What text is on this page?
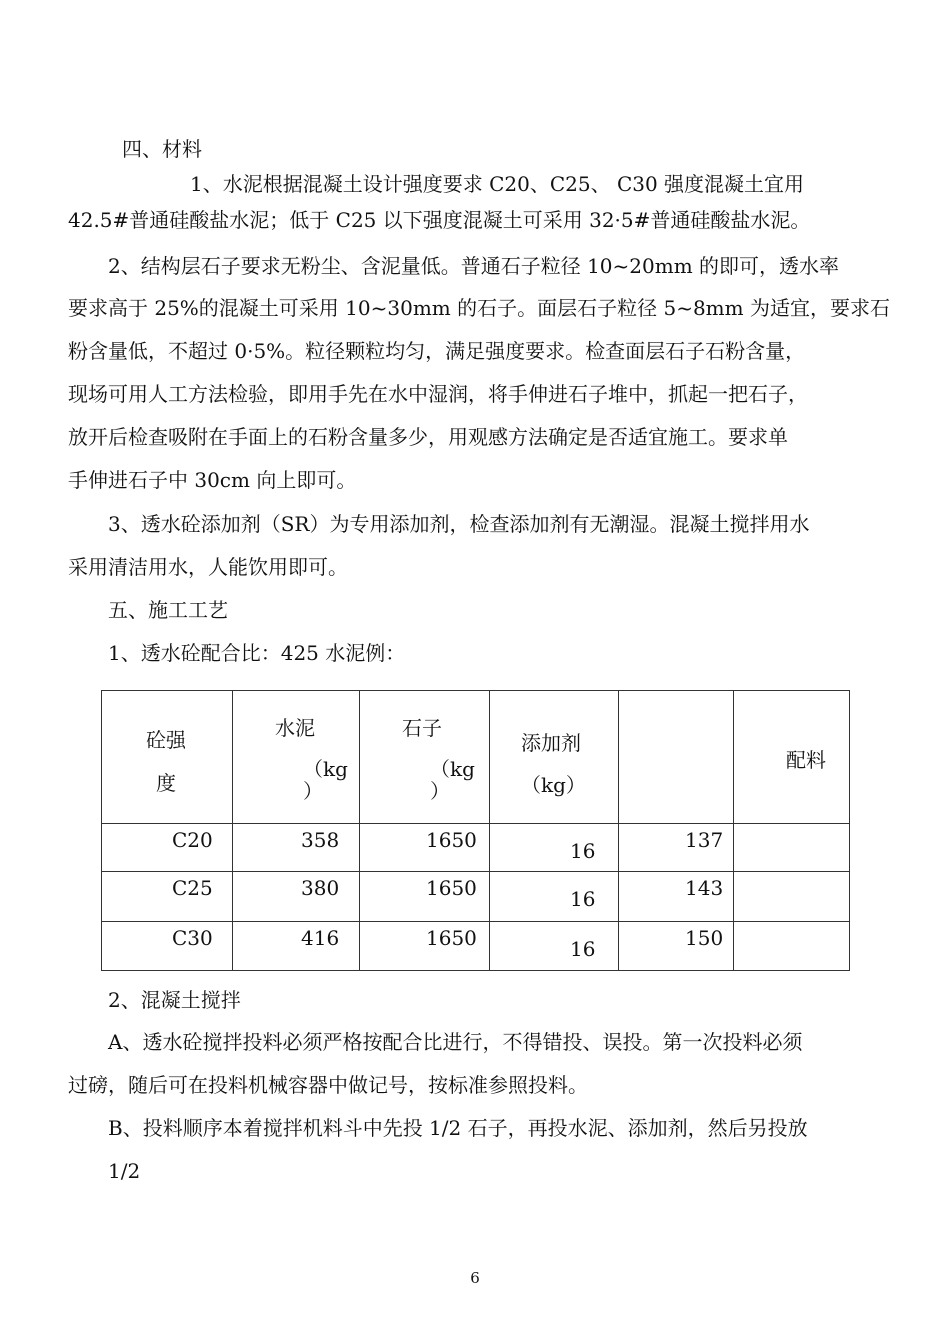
四、材料
1、水泥根据混凝土设计强度要求 C20、C25、 C30 强度混凝土宜用
42.5#普通硅酸盐水泥；低于 C25 以下强度混凝土可采用 32·5#普通硅酸盐水泥。
2、结构层石子要求无粉尘、含泥量低。普通石子粒径 10~20mm 的即可，透水率
要求高于 25%的混凝土可采用 10~30mm 的石子。面层石子粒径 5~8mm 为适宜，要求石
粉含量低，不超过 0·5%。粒径颗粒均匀，满足强度要求。检查面层石子石粉含量，
现场可用人工方法检验，即用手先在水中湿润，将手伸进石子堆中，抓起一把石子，
放开后检查吸附在手面上的石粉含量多少，用观感方法确定是否适宜施工。要求单
手伸进石子中 30cm 向上即可。
3、透水砼添加剂（SR）为专用添加剂，检查添加剂有无潮湿。混凝土搅拌用水
采用清洁用水，人能饮用即可。
五、施工工艺
1、透水砼配合比：425 水泥例：
砼强
度	水泥
（kg
）	石子
（kg
）	添加剂
（kg）		配料

C20	358	1650	16	137	

C25	380	1650	16	143	

C30	416	1650	16	150	

2、混凝土搅拌
A、透水砼搅拌投料必须严格按配合比进行，不得错投、误投。第一次投料必须
过磅，随后可在投料机械容器中做记号，按标准参照投料。
B、投料顺序本着搅拌机料斗中先投 1/2 石子，再投水泥、添加剂，然后另投放
1/2
6
